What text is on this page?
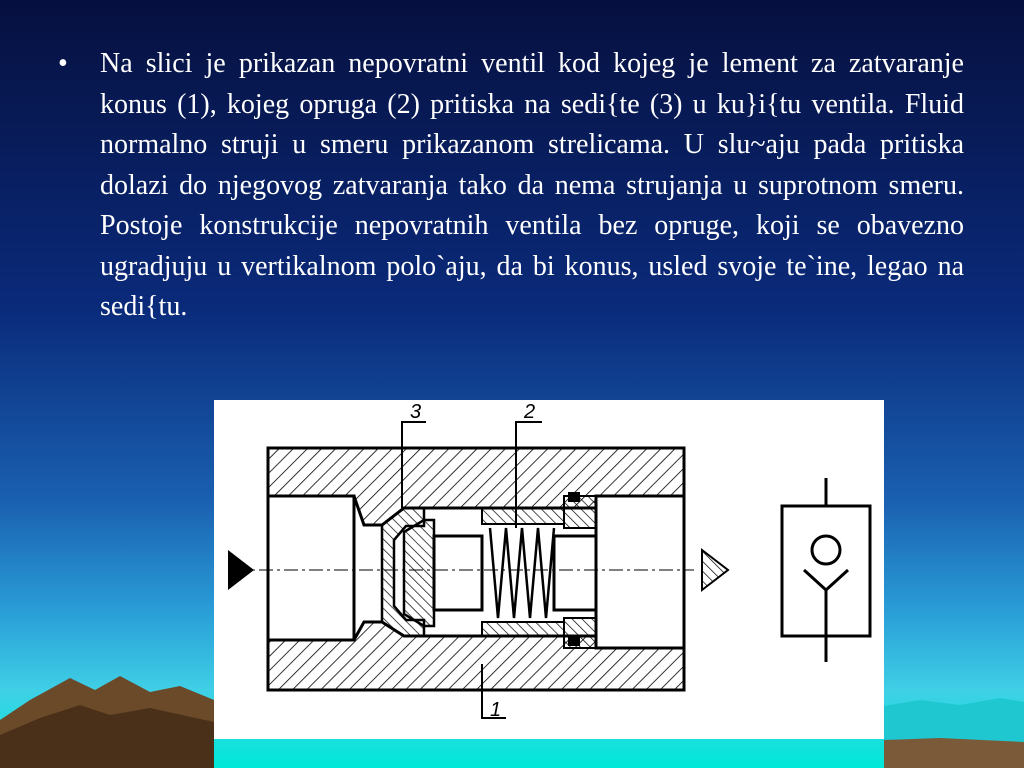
•	Na slici je prikazan nepovratni ventil kod kojeg je lement za zatvaranje konus (1), kojeg opruga (2) pritiska na sedi{te (3) u ku}i{tu ventila. Fluid normalno struji u smeru prikazanom strelicama. U slu~aju pada pritiska dolazi do njegovog zatvaranja tako da nema strujanja u suprotnom smeru. Postoje konstrukcije nepovratnih ventila bez opruge, koji se obavezno ugradjuju u vertikalnom polo`aju, da bi konus, usled svoje te`ine, legao na sedi{tu.

3	2
1
